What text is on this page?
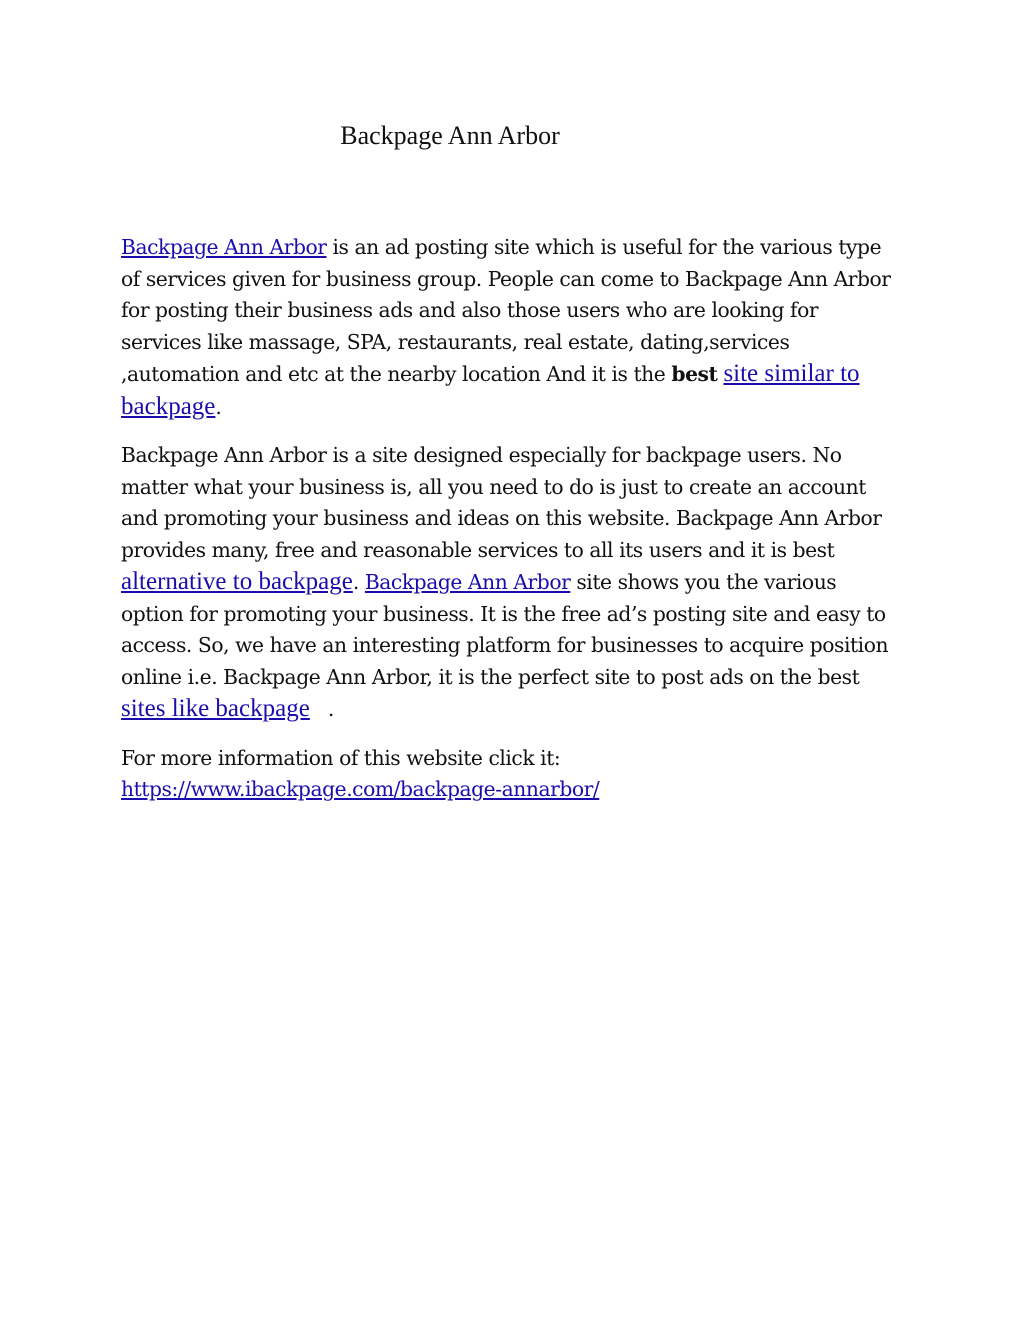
Backpage Ann Arbor

Backpage Ann Arbor is an ad posting site which is useful for the various type of services given for business group. People can come to Backpage Ann Arbor for posting their business ads and also those users who are looking for services like massage, SPA, restaurants, real estate, dating,services ,automation and etc at the nearby location And it is the best site similar to backpage.

Backpage Ann Arbor is a site designed especially for backpage users. No matter what your business is, all you need to do is just to create an account and promoting your business and ideas on this website. Backpage Ann Arbor provides many, free and reasonable services to all its users and it is best alternative to backpage. Backpage Ann Arbor site shows you the various option for promoting your business. It is the free ad’s posting site and easy to access. So, we have an interesting platform for businesses to acquire position online i.e. Backpage Ann Arbor, it is the perfect site to post ads on the best sites like backpage   .

For more information of this website click it:
https://www.ibackpage.com/backpage-annarbor/
